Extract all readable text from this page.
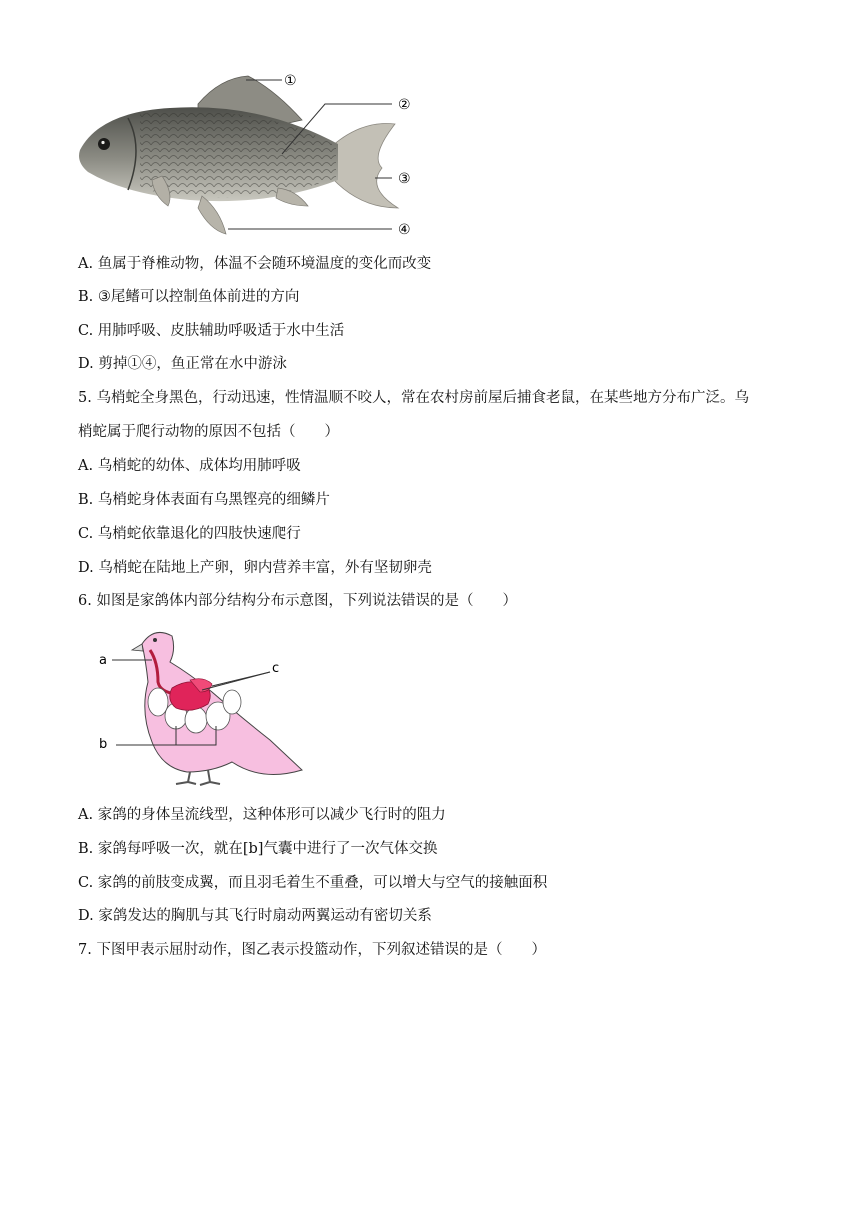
①
②
③
④
A. 鱼属于脊椎动物，体温不会随环境温度的变化而改变
B. ③尾鳍可以控制鱼体前进的方向
C. 用肺呼吸、皮肤辅助呼吸适于水中生活
D. 剪掉①④，鱼正常在水中游泳
5. 乌梢蛇全身黑色，行动迅速，性情温顺不咬人，常在农村房前屋后捕食老鼠，在某些地方分布广泛。乌
梢蛇属于爬行动物的原因不包括（　　）
A. 乌梢蛇的幼体、成体均用肺呼吸
B. 乌梢蛇身体表面有乌黑铿亮的细鳞片
C. 乌梢蛇依靠退化的四肢快速爬行
D. 乌梢蛇在陆地上产卵，卵内营养丰富，外有坚韧卵壳
6. 如图是家鸽体内部分结构分布示意图，下列说法错误的是（　　）
a
b
c
A. 家鸽的身体呈流线型，这种体形可以减少飞行时的阻力
B. 家鸽每呼吸一次，就在[b]气囊中进行了一次气体交换
C. 家鸽的前肢变成翼，而且羽毛着生不重叠，可以增大与空气的接触面积
D. 家鸽发达的胸肌与其飞行时扇动两翼运动有密切关系
7. 下图甲表示屈肘动作，图乙表示投篮动作，下列叙述错误的是（　　）
